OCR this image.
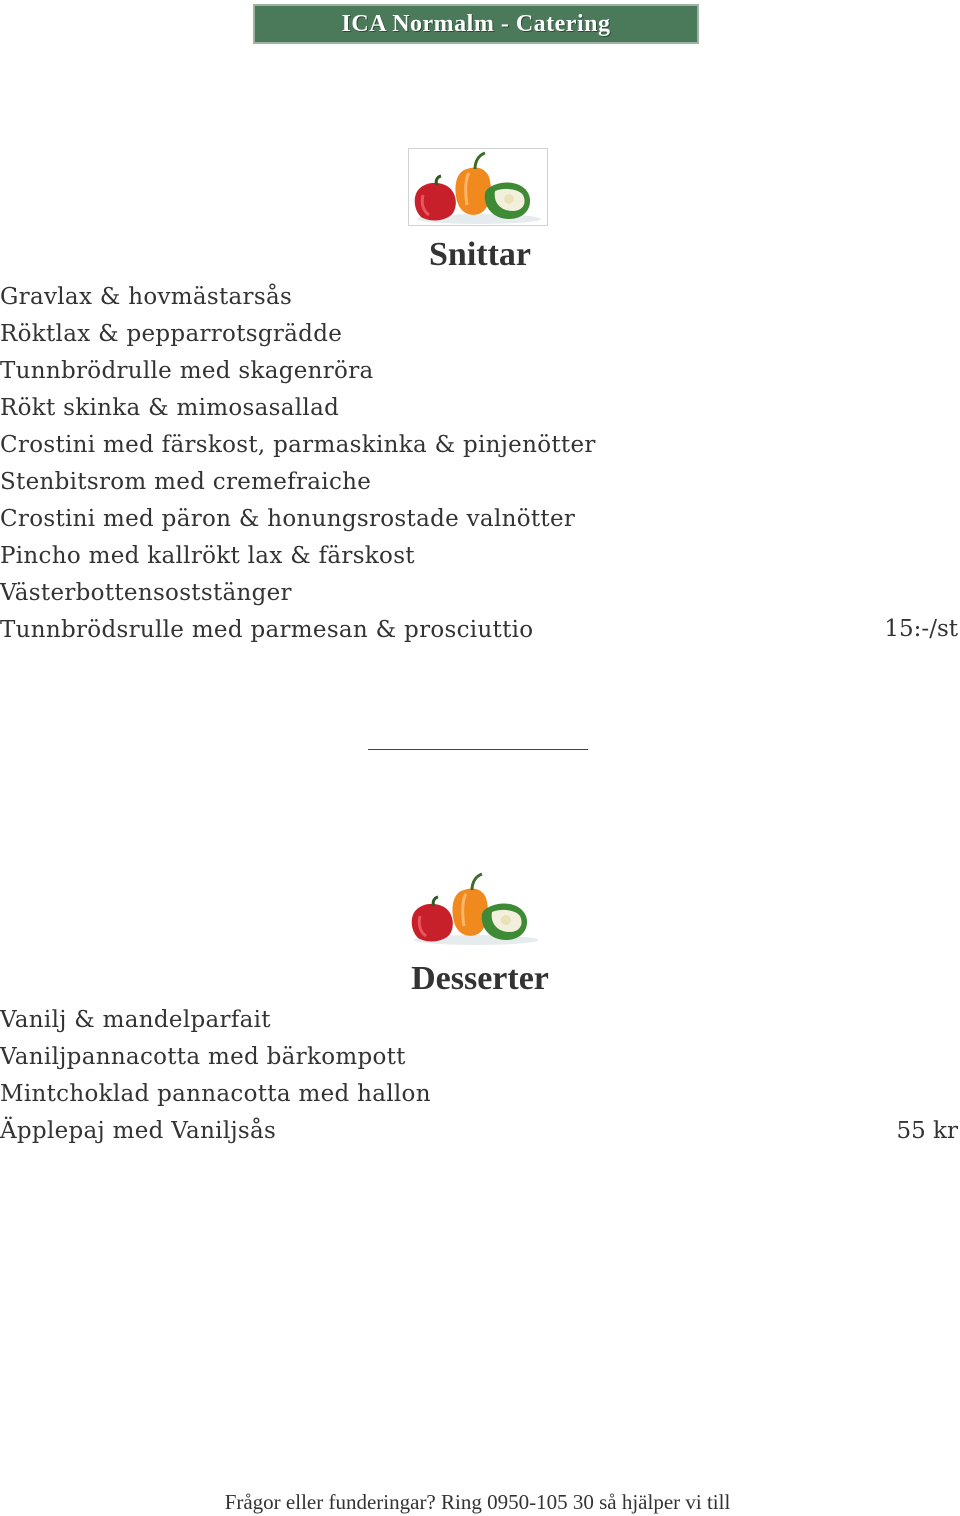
ICA Normalm - Catering
Snittar
Gravlax & hovmästarsås
Röktlax & pepparrotsgrädde
Tunnbrödrulle med skagenröra
Rökt skinka & mimosasallad
Crostini med färskost, parmaskinka & pinjenötter
Stenbitsrom med cremefraiche
Crostini med päron & honungsrostade valnötter
Pincho med kallrökt lax & färskost
Västerbottensoststänger
Tunnbrödsrulle med parmesan & prosciuttio	15:-/st
Desserter
Vanilj & mandelparfait
Vaniljpannacotta med bärkompott
Mintchoklad pannacotta med hallon
Äpplepaj med Vaniljsås	55 kr
Frågor eller funderingar? Ring 0950-105 30 så hjälper vi till
